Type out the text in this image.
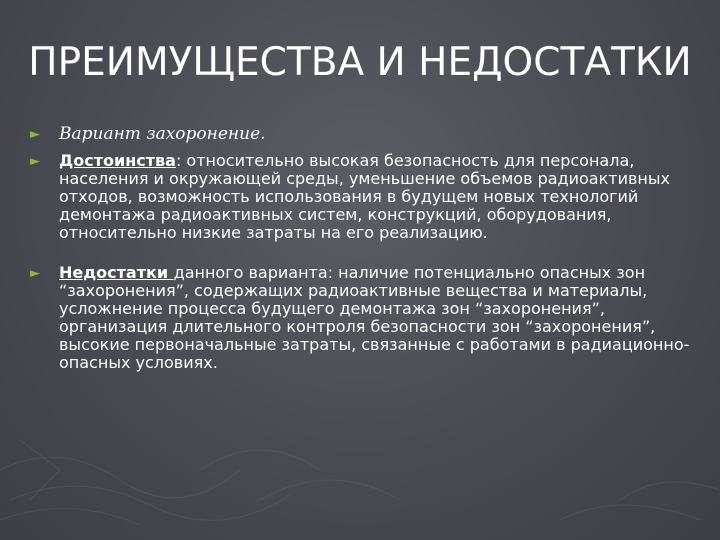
ПРЕИМУЩЕСТВА И НЕДОСТАТКИ
► Вариант захоронение.
► Достоинства: относительно высокая безопасность для персонала, населения и окружающей среды, уменьшение объемов радиоактивных отходов, возможность использования в будущем новых технологий демонтажа радиоактивных систем, конструкций, оборудования, относительно низкие затраты на его реализацию.
► Недостатки данного варианта: наличие потенциально опасных зон “захоронения”, содержащих радиоактивные вещества и материалы, усложнение процесса будущего демонтажа зон “захоронения”, организация длительного контроля безопасности зон “захоронения”, высокие первоначальные затраты, связанные с работами в радиационно-опасных условиях.
